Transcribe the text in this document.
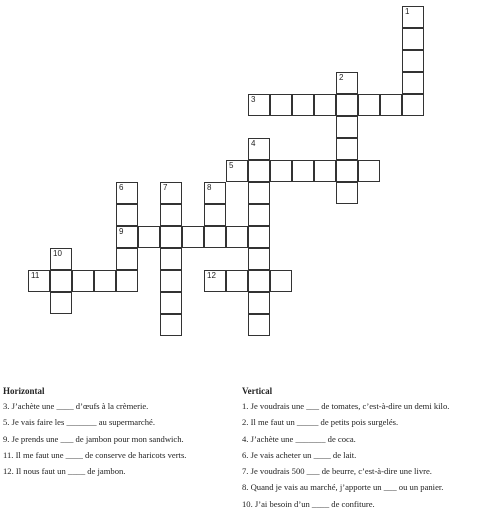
1
2
3
4
5
6
9
7	8
10
11	12
Horizontal
3. J’achète une ____ d’œufs à la crèmerie.
5. Je vais faire les _______ au supermarché.
9. Je prends une ___ de jambon pour mon sandwich.
11. Il me faut une ____ de conserve de haricots verts.
12. Il nous faut un ____ de jambon.
Vertical
1. Je voudrais une ___ de tomates, c’est-à-dire un demi kilo.
2. Il me faut un _____ de petits pois surgelés.
4. J’achète une _______ de coca.
6. Je vais acheter un ____ de lait.
7. Je voudrais 500 ___ de beurre, c’est-à-dire une livre.
8. Quand je vais au marché, j’apporte un ___ ou un panier.
10. J’ai besoin d’un ____ de confiture.
